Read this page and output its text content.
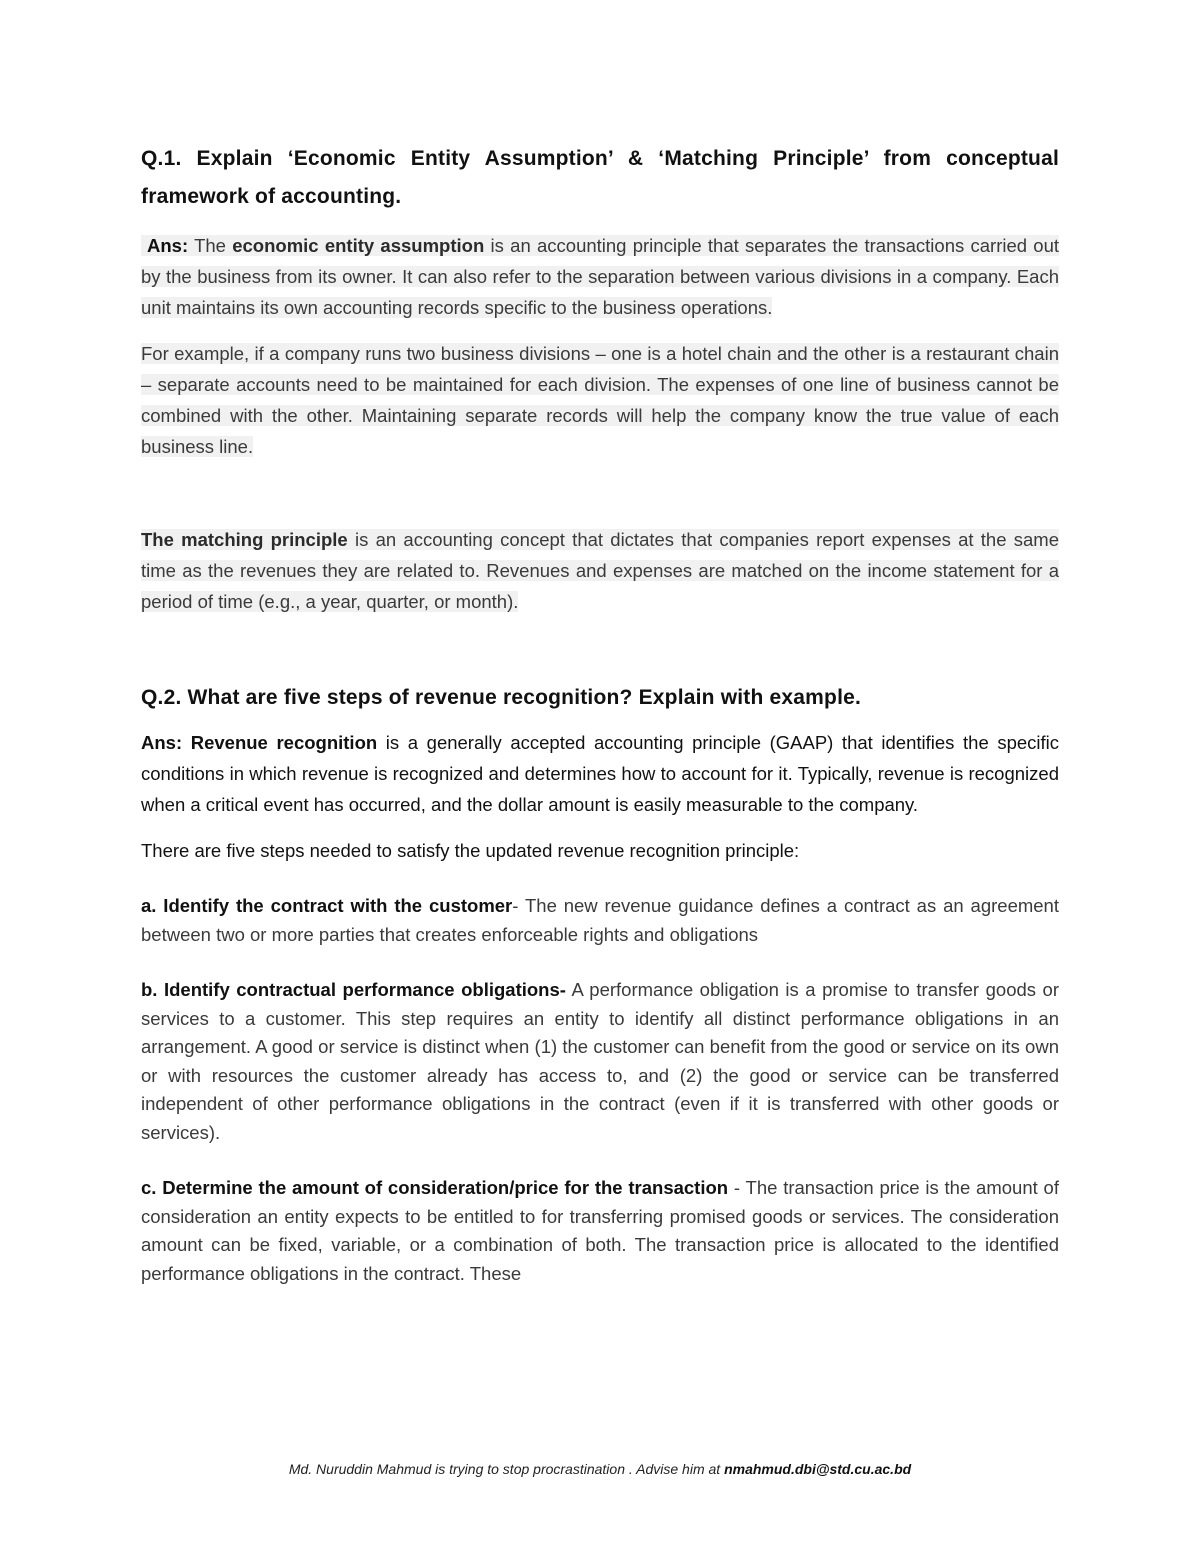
Q.1. Explain ‘Economic Entity Assumption’ & ‘Matching Principle’ from conceptual framework of accounting.

Ans: The economic entity assumption is an accounting principle that separates the transactions carried out by the business from its owner. It can also refer to the separation between various divisions in a company. Each unit maintains its own accounting records specific to the business operations.

For example, if a company runs two business divisions – one is a hotel chain and the other is a restaurant chain – separate accounts need to be maintained for each division. The expenses of one line of business cannot be combined with the other. Maintaining separate records will help the company know the true value of each business line.

The matching principle is an accounting concept that dictates that companies report expenses at the same time as the revenues they are related to. Revenues and expenses are matched on the income statement for a period of time (e.g., a year, quarter, or month).

Q.2. What are five steps of revenue recognition? Explain with example.

Ans: Revenue recognition is a generally accepted accounting principle (GAAP) that identifies the specific conditions in which revenue is recognized and determines how to account for it. Typically, revenue is recognized when a critical event has occurred, and the dollar amount is easily measurable to the company.

There are five steps needed to satisfy the updated revenue recognition principle:

a. Identify the contract with the customer- The new revenue guidance defines a contract as an agreement between two or more parties that creates enforceable rights and obligations

b. Identify contractual performance obligations- A performance obligation is a promise to transfer goods or services to a customer. This step requires an entity to identify all distinct performance obligations in an arrangement. A good or service is distinct when (1) the customer can benefit from the good or service on its own or with resources the customer already has access to, and (2) the good or service can be transferred independent of other performance obligations in the contract (even if it is transferred with other goods or services).

c. Determine the amount of consideration/price for the transaction - The transaction price is the amount of consideration an entity expects to be entitled to for transferring promised goods or services. The consideration amount can be fixed, variable, or a combination of both. The transaction price is allocated to the identified performance obligations in the contract. These

Md. Nuruddin Mahmud is trying to stop procrastination . Advise him at nmahmud.dbi@std.cu.ac.bd
